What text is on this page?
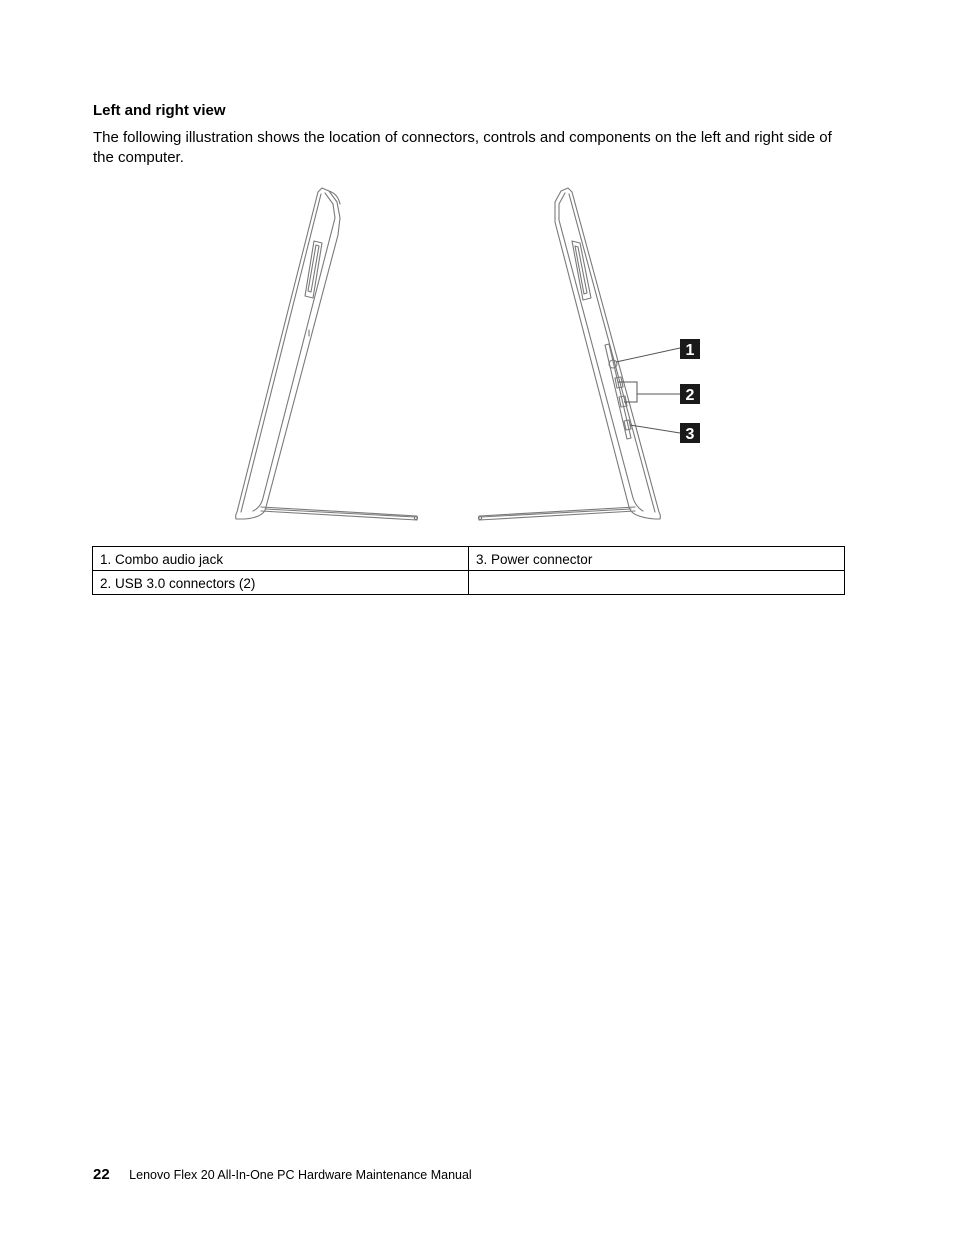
Left and right view

The following illustration shows the location of connectors, controls and components on the left and right side of the computer.

1
2
3
1. Combo audio jack	3. Power connector
2. USB 3.0 connectors (2)	
22 Lenovo Flex 20 All-In-One PC Hardware Maintenance Manual
